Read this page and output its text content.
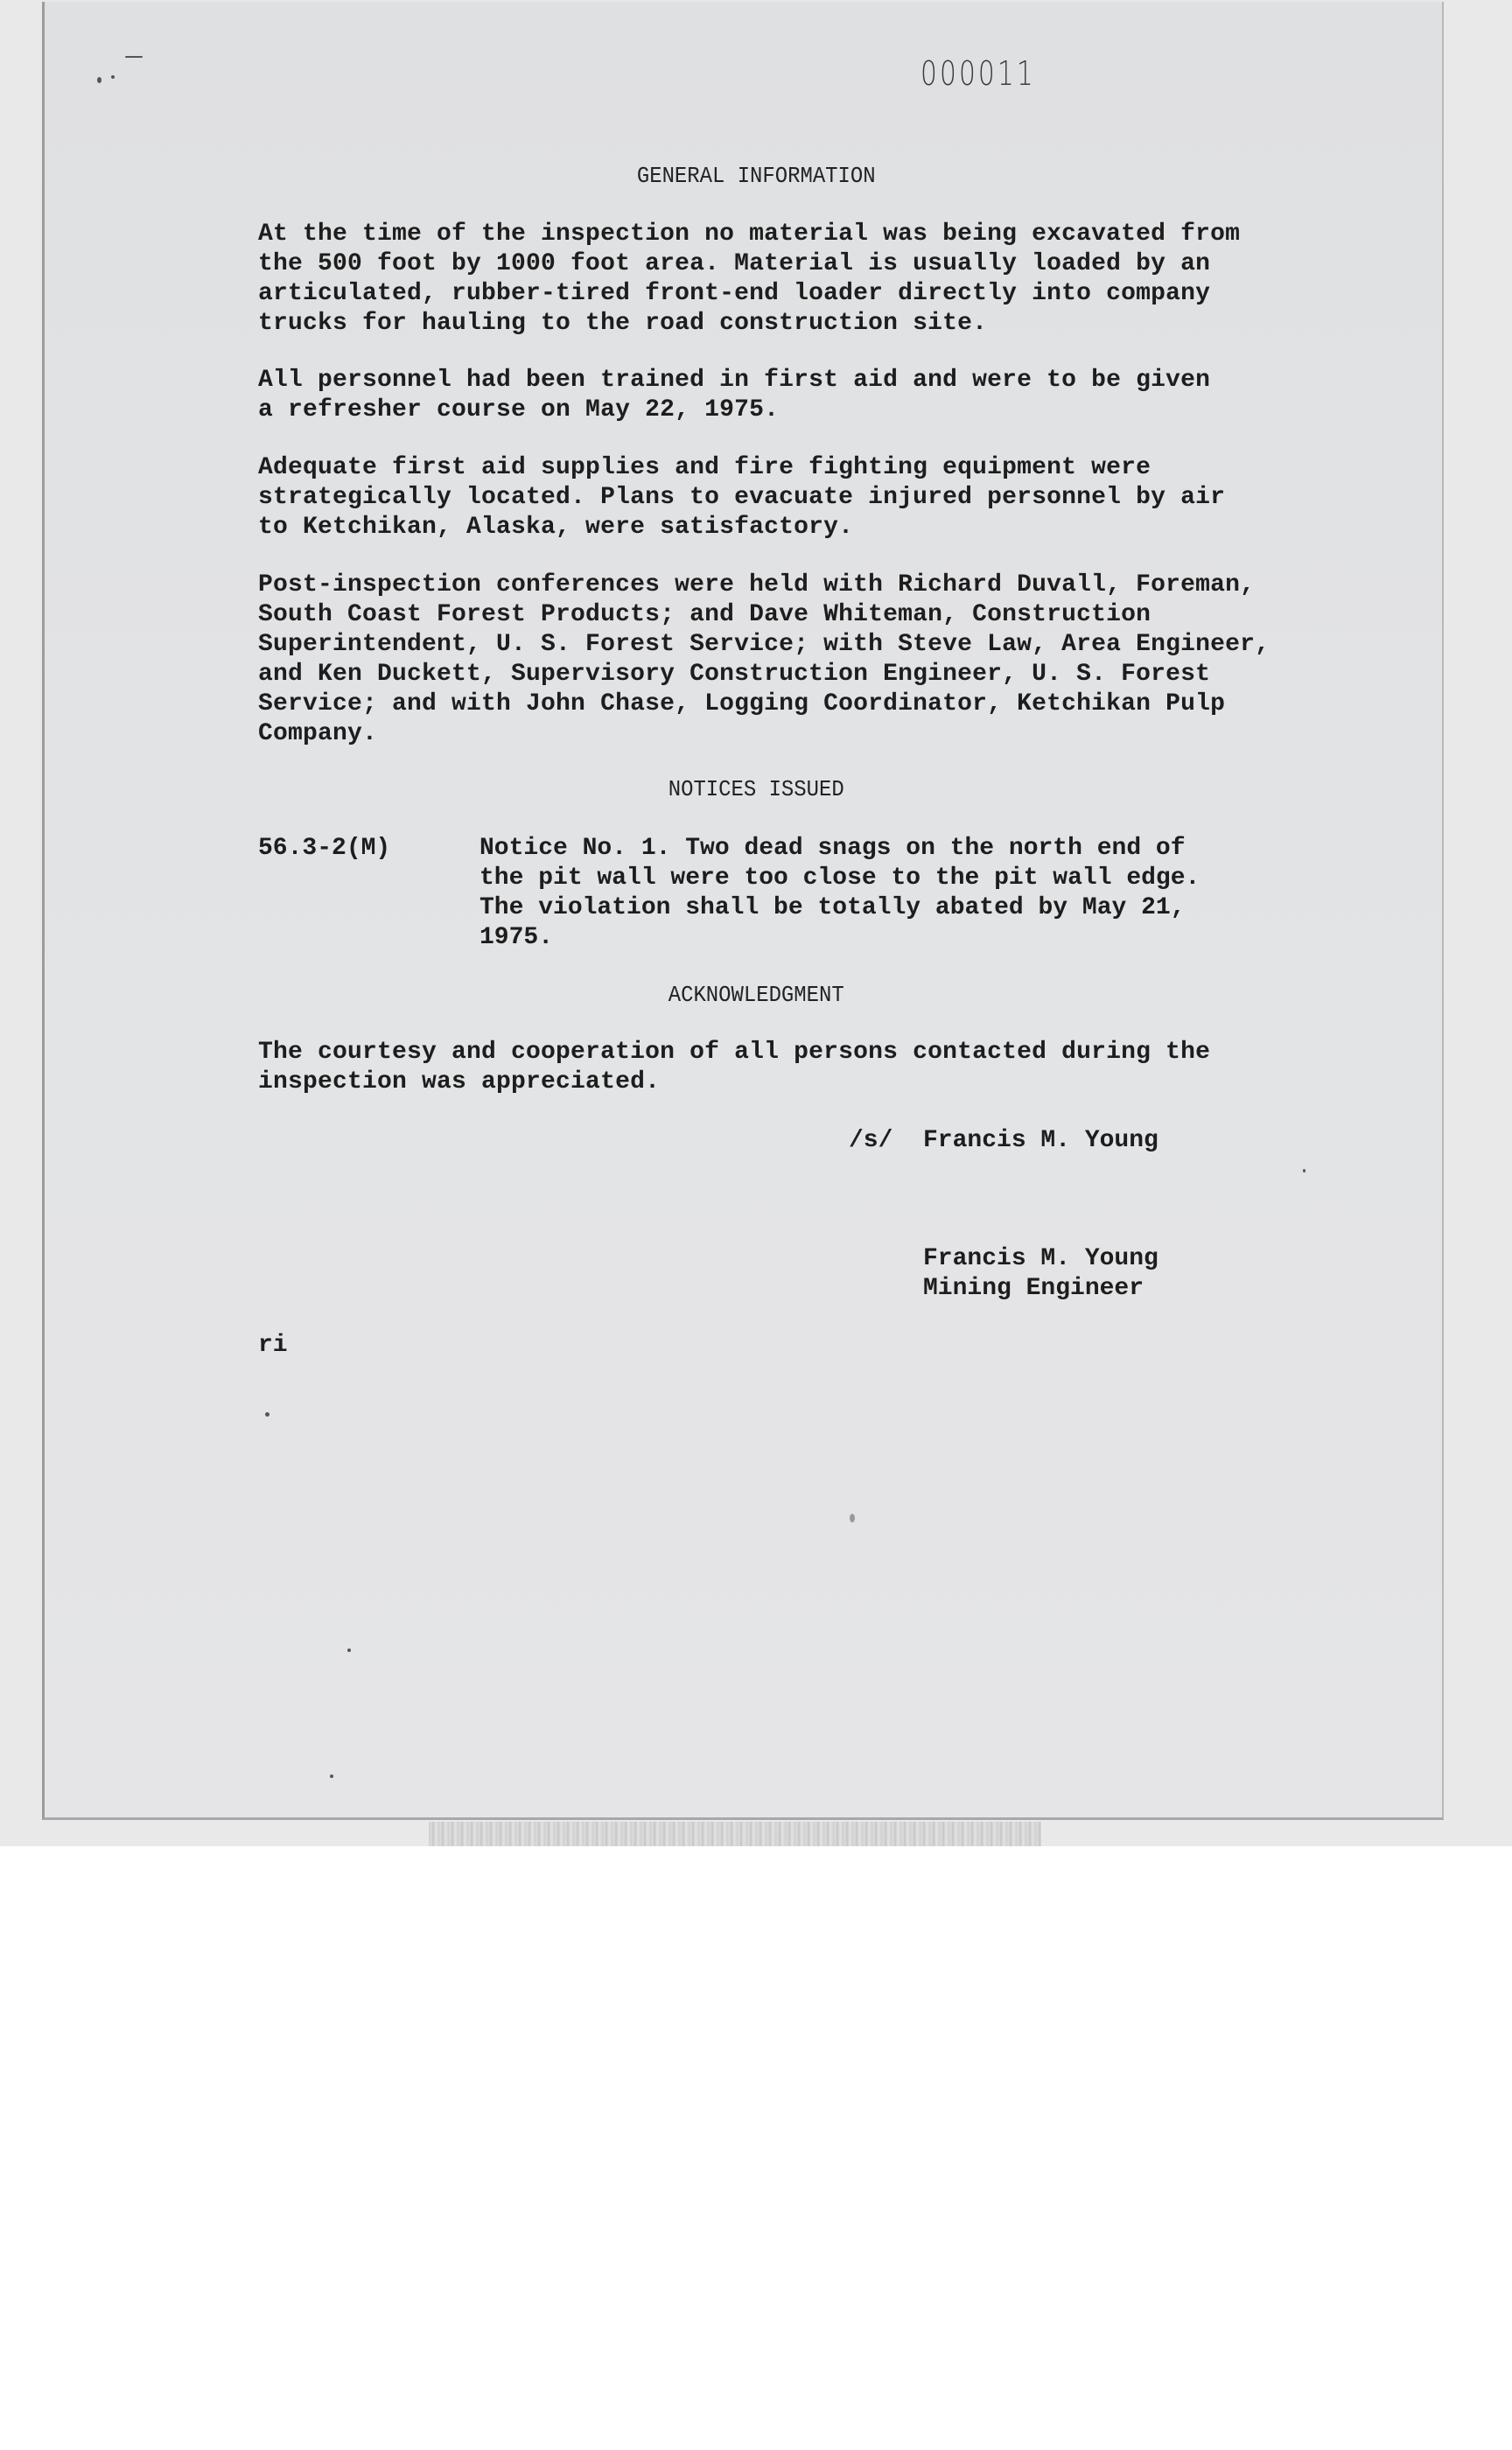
000011
GENERAL INFORMATION

At the time of the inspection no material was being excavated from
the 500 foot by 1000 foot area. Material is usually loaded by an
articulated, rubber-tired front-end loader directly into company
trucks for hauling to the road construction site.

All personnel had been trained in first aid and were to be given
a refresher course on May 22, 1975.

Adequate first aid supplies and fire fighting equipment were
strategically located. Plans to evacuate injured personnel by air
to Ketchikan, Alaska, were satisfactory.

Post-inspection conferences were held with Richard Duvall, Foreman,
South Coast Forest Products; and Dave Whiteman, Construction
Superintendent, U. S. Forest Service; with Steve Law, Area Engineer,
and Ken Duckett, Supervisory Construction Engineer, U. S. Forest
Service; and with John Chase, Logging Coordinator, Ketchikan Pulp
Company.

NOTICES ISSUED
56.3-2(M)	Notice No. 1. Two dead snags on the north end of
the pit wall were too close to the pit wall edge.
The violation shall be totally abated by May 21,
1975.

ACKNOWLEDGMENT

The courtesy and cooperation of all persons contacted during the
inspection was appreciated.

/s/ Francis M. Young
Francis M. Young
Mining Engineer
ri
